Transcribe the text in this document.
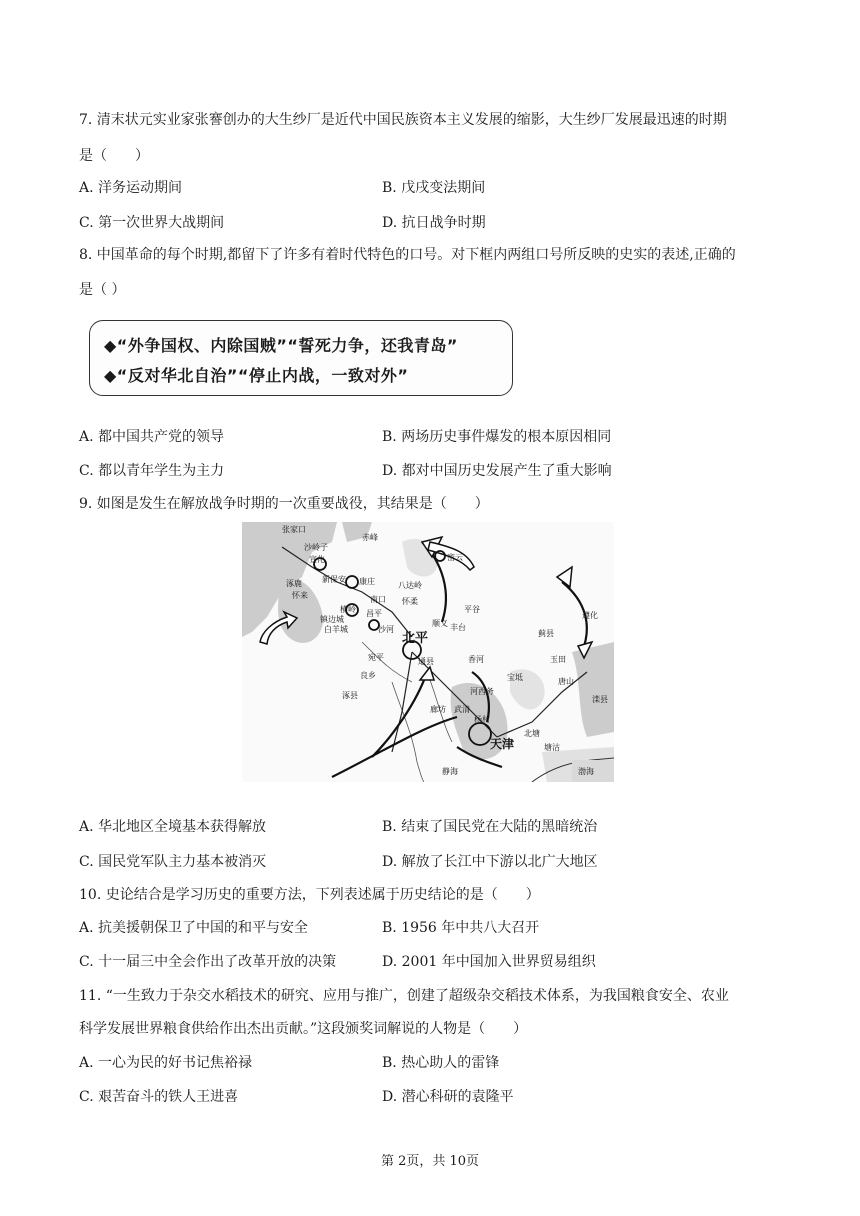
7. 清末状元实业家张謇创办的大生纱厂是近代中国民族资本主义发展的缩影，大生纱厂发展最迅速的时期
是（　　）
A. 洋务运动期间	B. 戊戌变法期间
C. 第一次世界大战期间	D. 抗日战争时期
8. 中国革命的每个时期,都留下了许多有着时代特色的口号。对下框内两组口号所反映的史实的表述,正确的
是（ ）
◆“外争国权、内除国贼”“誓死力争，还我青岛”
◆“反对华北自治”“停止内战，一致对外”
A. 都中国共产党的领导	B. 两场历史事件爆发的根本原因相同
C. 都以青年学生为主力	D. 都对中国历史发展产生了重大影响
9. 如图是发生在解放战争时期的一次重要战役，其结果是（　　）
张家口
沙岭子
宣化
赤峰
新保安 康庄	八达岭
密云
涿鹿
怀来	南口 怀柔
昌平
顺义
平谷
横岭
镇边城
白羊城	沙河
北平	蓟县
玉田
宛平	通县	香河
宝坻
良乡
河西务
唐山
涿县
廊坊 武清
杨村
天津	塘沽
静海	渤海
滦县
丰台
遵化
北塘
A. 华北地区全境基本获得解放	B. 结束了国民党在大陆的黑暗统治
C. 国民党军队主力基本被消灭	D. 解放了长江中下游以北广大地区
10. 史论结合是学习历史的重要方法，下列表述属于历史结论的是（　　）
A. 抗美援朝保卫了中国的和平与安全	B. 1956 年中共八大召开
C. 十一届三中全会作出了改革开放的决策	D. 2001 年中国加入世界贸易组织
11. “一生致力于杂交水稻技术的研究、应用与推广，创建了超级杂交稻技术体系，为我国粮食安全、农业
科学发展世界粮食供给作出杰出贡献。”这段颁奖词解说的人物是（　　）
A. 一心为民的好书记焦裕禄	B. 热心助人的雷锋
C. 艰苦奋斗的铁人王进喜	D. 潜心科研的袁隆平
第 2页，共 10页
